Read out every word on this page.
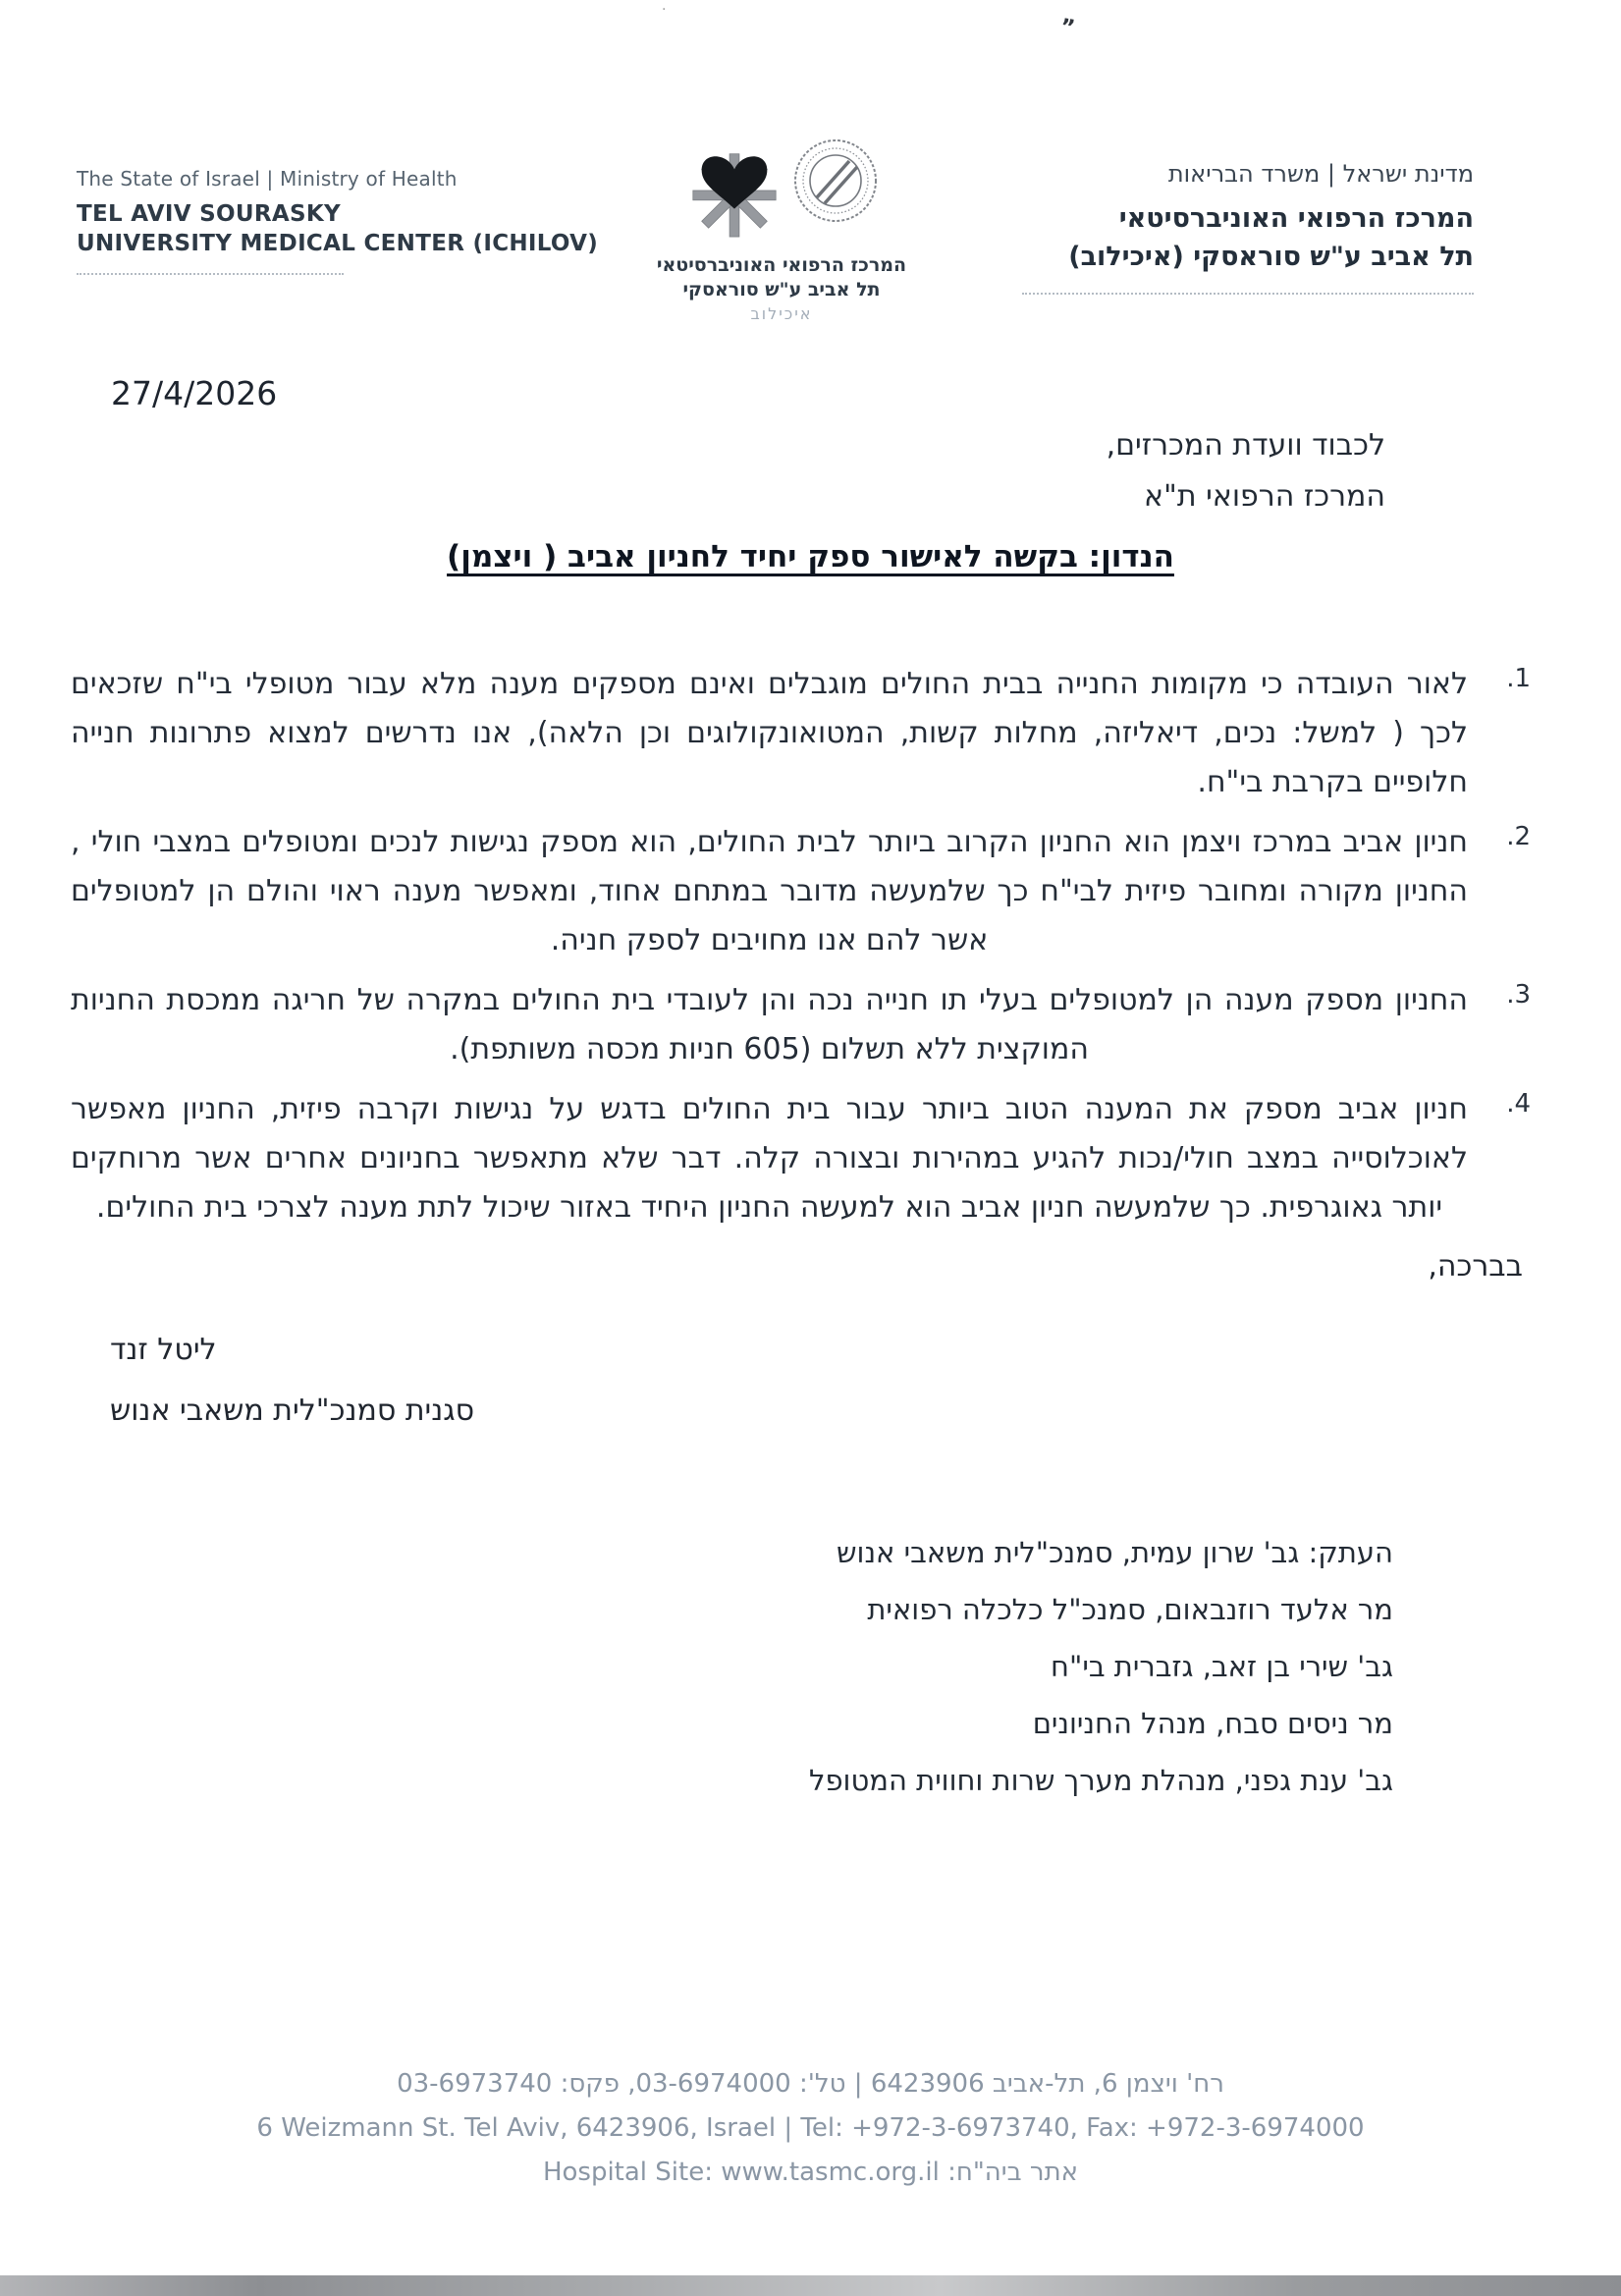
”
·
The State of Israel | Ministry of Health
TEL AVIV SOURASKY
UNIVERSITY MEDICAL CENTER (ICHILOV)
המרכז הרפואי האוניברסיטאי
תל אביב ע"ש סוראסקי
איכילוב
מדינת ישראל | משרד הבריאות
המרכז הרפואי האוניברסיטאי
תל אביב ע"ש סוראסקי (איכילוב)
27/4/2026
לכבוד וועדת המכרזים,
המרכז הרפואי ת"א
הנדון: בקשה לאישור ספק יחיד לחניון אביב ( ויצמן)
1.
לאור העובדה כי מקומות החנייה בבית החולים מוגבלים ואינם מספקים מענה מלא עבור מטופלי בי"ח שזכאים לכך ( למשל: נכים, דיאליזה, מחלות קשות, המטואונקולוגים וכן הלאה), אנו נדרשים למצוא פתרונות חנייה חלופיים בקרבת בי"ח.
2.
חניון אביב במרכז ויצמן הוא החניון הקרוב ביותר לבית החולים, הוא מספק נגישות לנכים ומטופלים במצבי חולי , החניון מקורה ומחובר פיזית לבי"ח כך שלמעשה מדובר במתחם אחוד, ומאפשר מענה ראוי והולם הן למטופלים אשר להם אנו מחויבים לספק חניה.
3.
החניון מספק מענה הן למטופלים בעלי תו חנייה נכה והן לעובדי בית החולים במקרה של חריגה ממכסת החניות המוקצית ללא תשלום (605 חניות מכסה משותפת).
4.
חניון אביב מספק את המענה הטוב ביותר עבור בית החולים בדגש על נגישות וקרבה פיזית, החניון מאפשר לאוכלוסייה במצב חולי/נכות להגיע במהירות ובצורה קלה. דבר שלא מתאפשר בחניונים אחרים אשר מרוחקים יותר גאוגרפית. כך שלמעשה חניון אביב הוא למעשה החניון היחיד באזור שיכול לתת מענה לצרכי בית החולים.
בברכה,
ליטל זנד
סגנית סמנכ"לית משאבי אנוש
העתק: גב' שרון עמית, סמנכ"לית משאבי אנוש
מר אלעד רוזנבאום, סמנכ"ל כלכלה רפואית
גב' שירי בן זאב, גזברית בי"ח
מר ניסים סבח, מנהל החניונים
גב' ענת גפני, מנהלת מערך שרות וחווית המטופל
רח' ויצמן 6, תל-אביב 6423906 | טל': 03-6974000, פקס: 03-6973740
6 Weizmann St. Tel Aviv, 6423906, Israel | Tel: +972-3-6973740, Fax: +972-3-6974000
אתר ביה"ח: Hospital Site: www.tasmc.org.il
